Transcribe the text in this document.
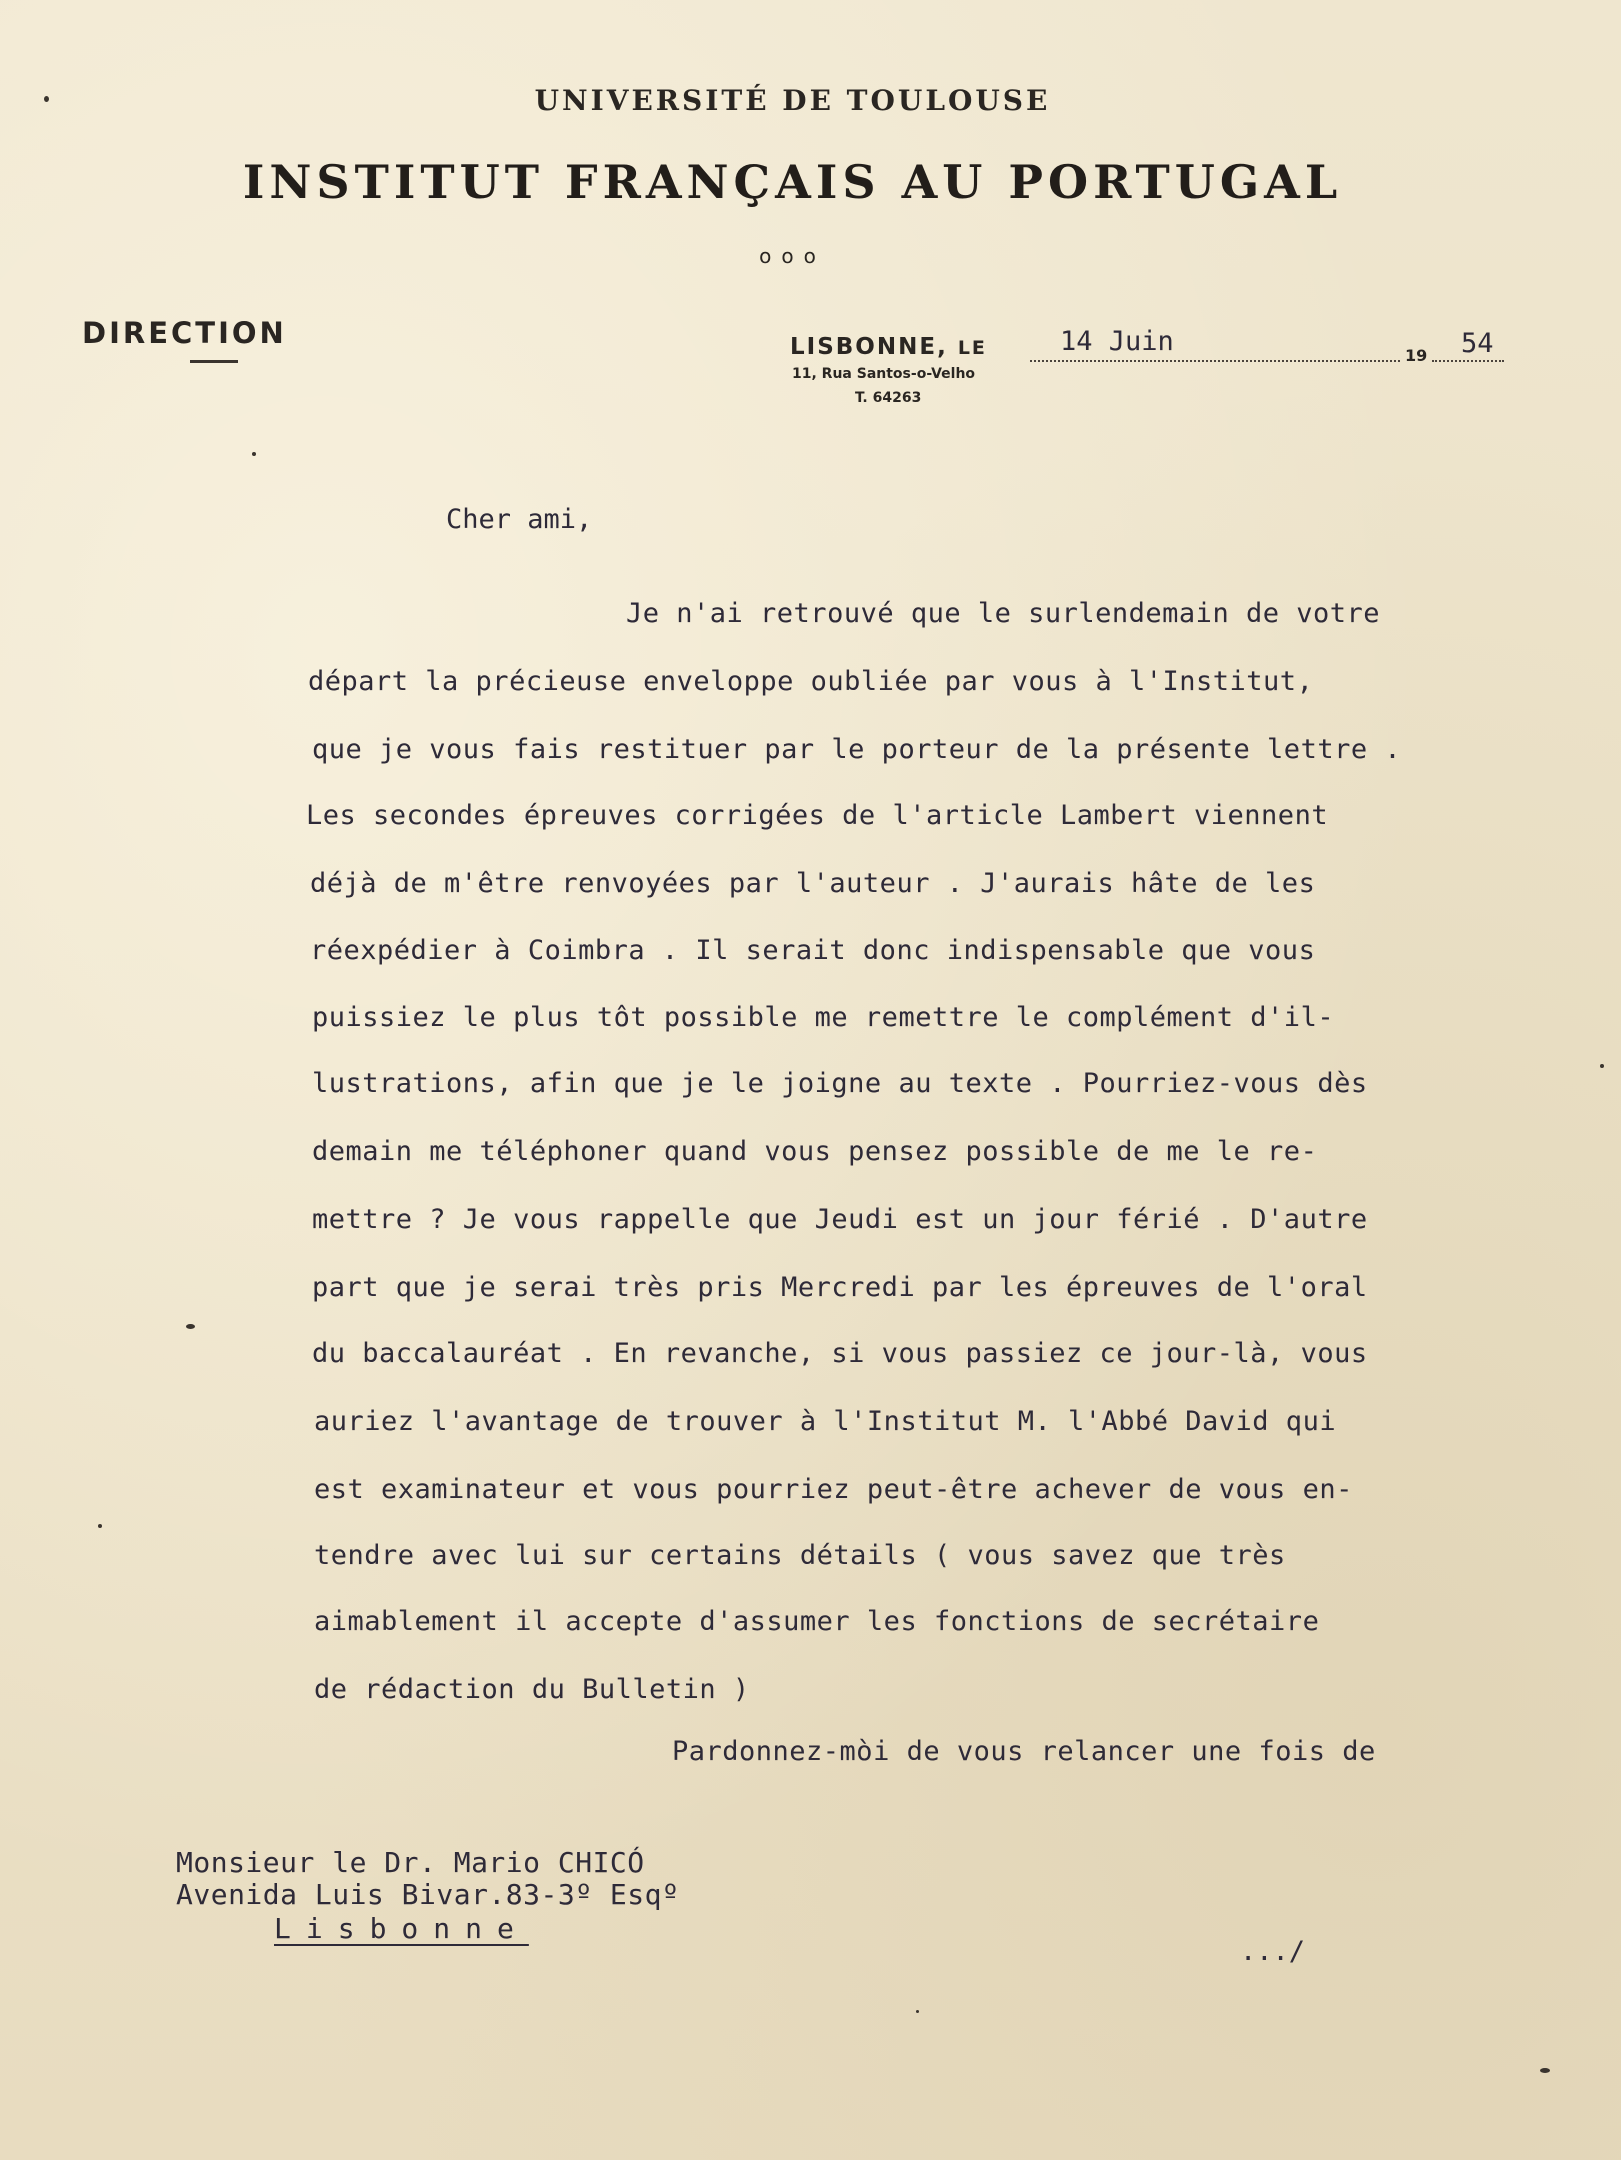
UNIVERSITÉ DE TOULOUSE
INSTITUT FRANÇAIS AU PORTUGAL
ooo
DIRECTION	LISBONNE, LE	14 Juin	19 54
11, Rua Santos-o-Velho
T. 64263
Cher ami,
Je n'ai retrouvé que le surlendemain de votre
départ la précieuse enveloppe oubliée par vous à l'Institut,
que je vous fais restituer par le porteur de la présente lettre .
Les secondes épreuves corrigées de l'article Lambert viennent
déjà de m'être renvoyées par l'auteur . J'aurais hâte de les
réexpédier à Coimbra . Il serait donc indispensable que vous
puissiez le plus tôt possible me remettre le complément d'il-
lustrations, afin que je le joigne au texte . Pourriez-vous dès
demain me téléphoner quand vous pensez possible de me le re-
mettre ? Je vous rappelle que Jeudi est un jour férié . D'autre
part que je serai très pris Mercredi par les épreuves de l'oral
du baccalauréat . En revanche, si vous passiez ce jour-là, vous
auriez l'avantage de trouver à l'Institut M. l'Abbé David qui
est examinateur et vous pourriez peut-être achever de vous en-
tendre avec lui sur certains détails ( vous savez que très
aimablement il accepte d'assumer les fonctions de secrétaire
de rédaction du Bulletin )
Pardonnez-mòi de vous relancer une fois de
Monsieur le Dr. Mario CHICÓ
Avenida Luis Bivar.83-3º Esqº
Lisbonne
.../
